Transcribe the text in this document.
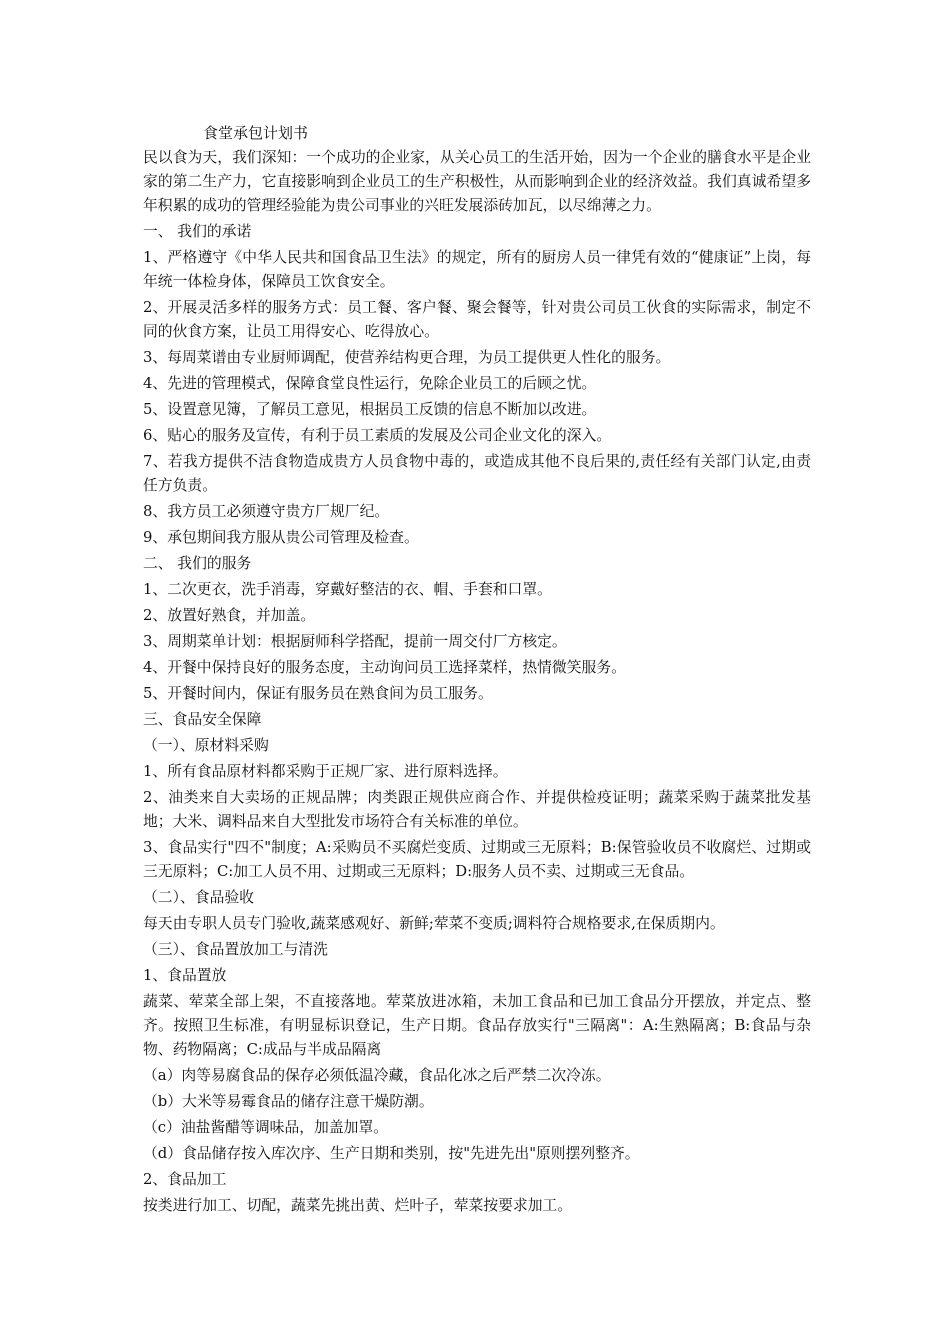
食堂承包计划书

民以食为天，我们深知：一个成功的企业家，从关心员工的生活开始，因为一个企业的膳食水平是企业家的第二生产力，它直接影响到企业员工的生产积极性，从而影响到企业的经济效益。我们真诚希望多年积累的成功的管理经验能为贵公司事业的兴旺发展添砖加瓦，以尽绵薄之力。

一、 我们的承诺

1、严格遵守《中华人民共和国食品卫生法》的规定，所有的厨房人员一律凭有效的“健康证”上岗，每年统一体检身体，保障员工饮食安全。

2、开展灵活多样的服务方式：员工餐、客户餐、聚会餐等，针对贵公司员工伙食的实际需求，制定不同的伙食方案，让员工用得安心、吃得放心。

3、每周菜谱由专业厨师调配，使营养结构更合理，为员工提供更人性化的服务。

4、先进的管理模式，保障食堂良性运行，免除企业员工的后顾之忧。

5、设置意见簿，了解员工意见，根据员工反馈的信息不断加以改进。

6、贴心的服务及宣传，有利于员工素质的发展及公司企业文化的深入。

7、若我方提供不洁食物造成贵方人员食物中毒的，或造成其他不良后果的,责任经有关部门认定,由责任方负责。

8、我方员工必须遵守贵方厂规厂纪。

9、承包期间我方服从贵公司管理及检查。

二、 我们的服务

1、二次更衣，洗手消毒，穿戴好整洁的衣、帽、手套和口罩。

2、放置好熟食，并加盖。

3、周期菜单计划：根据厨师科学搭配，提前一周交付厂方核定。

4、开餐中保持良好的服务态度，主动询问员工选择菜样，热情微笑服务。

5、开餐时间内，保证有服务员在熟食间为员工服务。

三、食品安全保障

（一）、原材料采购

1、所有食品原材料都采购于正规厂家、进行原料选择。

2、油类来自大卖场的正规品牌；肉类跟正规供应商合作、并提供检疫证明；蔬菜采购于蔬菜批发基地；大米、调料品来自大型批发市场符合有关标准的单位。

3、食品实行"四不"制度；A:采购员不买腐烂变质、过期或三无原料；B:保管验收员不收腐烂、过期或三无原料；C:加工人员不用、过期或三无原料；D:服务人员不卖、过期或三无食品。

（二）、食品验收

每天由专职人员专门验收,蔬菜感观好、新鲜;荤菜不变质;调料符合规格要求,在保质期内。

（三）、食品置放加工与清洗

1、食品置放

蔬菜、荤菜全部上架，不直接落地。荤菜放进冰箱，未加工食品和已加工食品分开摆放，并定点、整齐。按照卫生标准，有明显标识登记，生产日期。食品存放实行"三隔离"：A:生熟隔离；B:食品与杂物、药物隔离；C:成品与半成品隔离

（a）肉等易腐食品的保存必须低温冷藏，食品化冰之后严禁二次冷冻。

（b）大米等易霉食品的储存注意干燥防潮。

（c）油盐酱醋等调味品，加盖加罩。

（d）食品储存按入库次序、生产日期和类别，按"先进先出"原则摆列整齐。

2、食品加工

按类进行加工、切配，蔬菜先挑出黄、烂叶子，荤菜按要求加工。
